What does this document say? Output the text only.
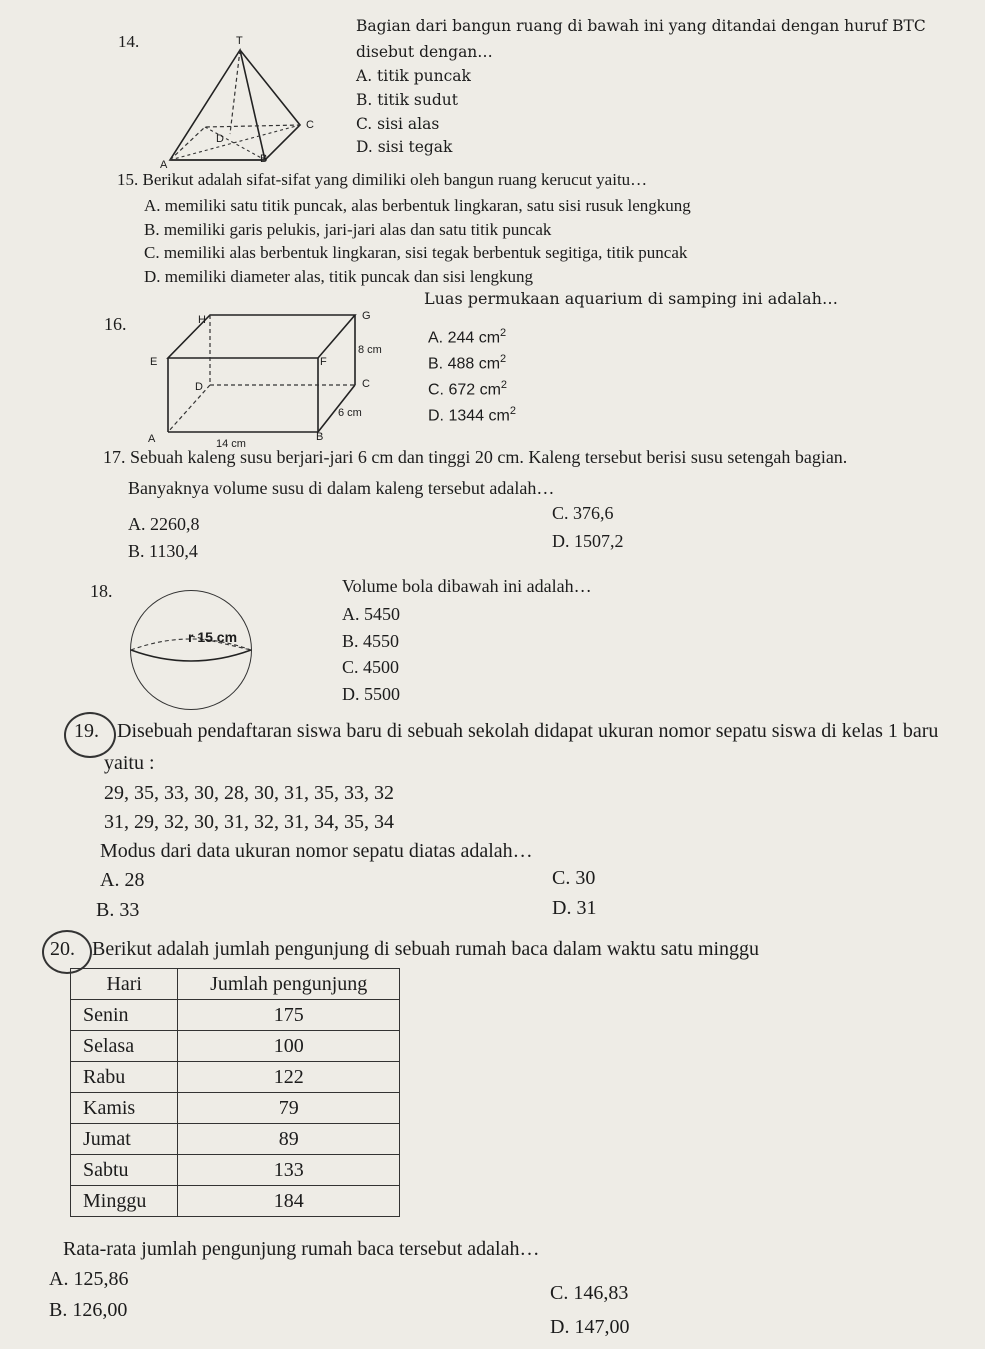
14.	T
D
C
A	B
Bagian dari bangun ruang di bawah ini yang ditandai dengan huruf BTC
disebut dengan…
A. titik puncak
B. titik sudut
C. sisi alas
D. sisi tegak
15. Berikut adalah sifat-sifat yang dimiliki oleh bangun ruang kerucut yaitu…
A. memiliki satu titik puncak, alas berbentuk lingkaran, satu sisi rusuk lengkung
B. memiliki garis pelukis, jari-jari alas dan satu titik puncak
C. memiliki alas berbentuk lingkaran, sisi tegak berbentuk segitiga, titik puncak
D. memiliki diameter alas, titik puncak dan sisi lengkung
16.	H	G
E	F
D	C
A	B
8 cm
6 cm
14 cm
Luas permukaan aquarium di samping ini adalah…
A. 244 $cm^2$
B. 488 $cm^2$
C. 672 $cm^2$
D. 1344 $cm^2$
17. Sebuah kaleng susu berjari-jari 6 cm dan tinggi 20 cm. Kaleng tersebut berisi susu setengah bagian.
Banyaknya volume susu di dalam kaleng tersebut adalah…
A. 2260,8
B. 1130,4
C. 376,6
D. 1507,2
18.
r 15 cm
Volume bola dibawah ini adalah…
A. 5450
B. 4550
C. 4500
D. 5500
19. Disebuah pendaftaran siswa baru di sebuah sekolah didapat ukuran nomor sepatu siswa di kelas 1 baru
yaitu :
29, 35, 33, 30, 28, 30, 31, 35, 33, 32
31, 29, 32, 30, 31, 32, 31, 34, 35, 34
Modus dari data ukuran nomor sepatu diatas adalah…
A. 28
B. 33
C. 30
D. 31
20. Berikut adalah jumlah pengunjung di sebuah rumah baca dalam waktu satu minggu
Hari	Jumlah pengunjung
Senin	175
Selasa	100
Rabu	122
Kamis	79
Jumat	89
Sabtu	133
Minggu	184
Rata-rata jumlah pengunjung rumah baca tersebut adalah…
A. 125,86
B. 126,00
C. 146,83
D. 147,00
